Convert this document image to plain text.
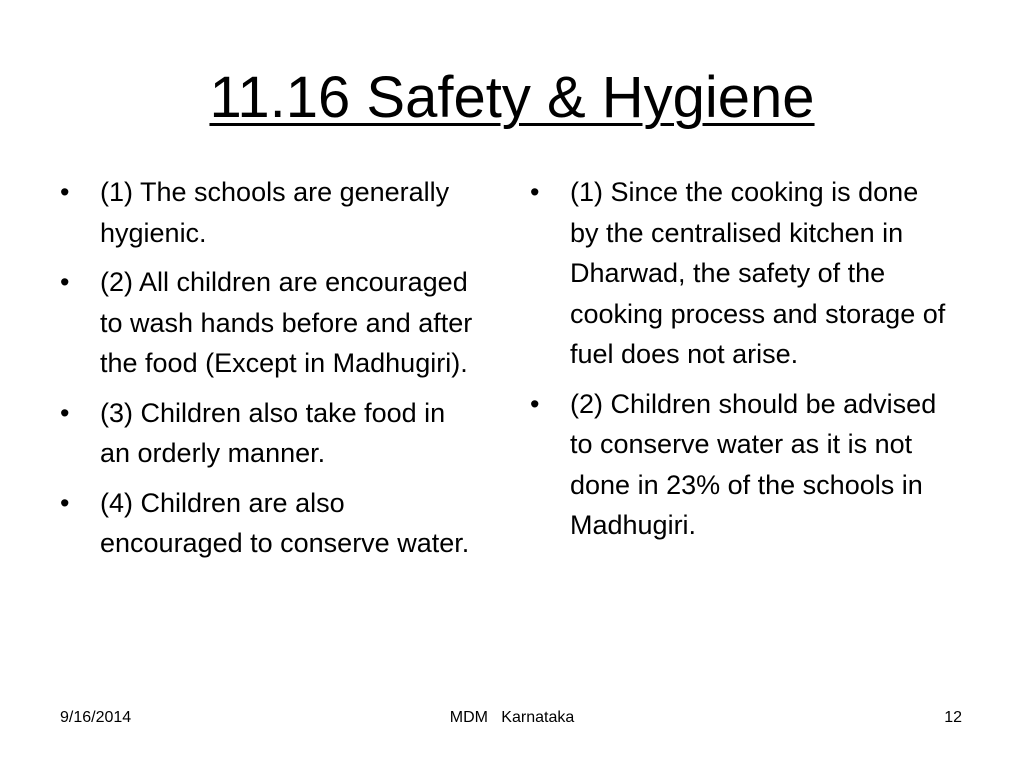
11.16 Safety & Hygiene
• (1) The schools are generally hygienic.
• (2) All children are encouraged to wash hands before and after the food (Except in Madhugiri).
• (3) Children also take food in an orderly manner.
• (4) Children are also encouraged to conserve water.
• (1) Since the cooking is done by the centralised kitchen in Dharwad, the safety of the cooking process and storage of fuel does not arise.
• (2) Children should be advised to conserve water as it is not done in 23% of the schools in Madhugiri.
MDM   Karnataka
9/16/2014	12
